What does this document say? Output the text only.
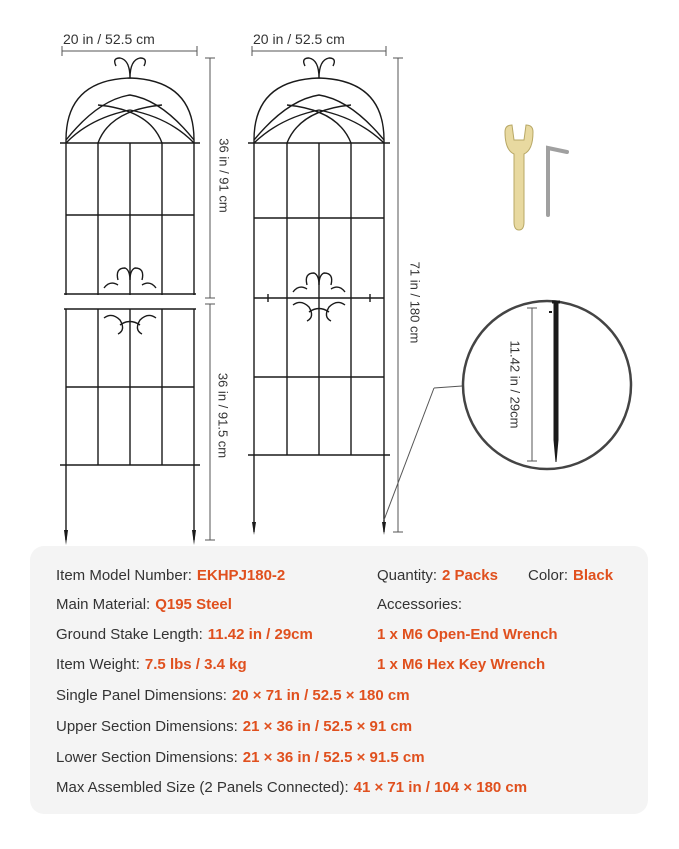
20 in / 52.5 cm	20 in / 52.5 cm
36 in / 91 cm
36 in / 91.5 cm
71 in / 180 cm
11.42 in / 29cm
Item Model Number: EKHPJ180-2	Quantity: 2 Packs Color: Black
Main Material: Q195 Steel	Accessories:
Ground Stake Length: 11.42 in / 29cm	1 x M6 Open-End Wrench
Item Weight: 7.5 lbs / 3.4 kg	1 x M6 Hex Key Wrench
Single Panel Dimensions: 20 × 71 in / 52.5 × 180 cm
Upper Section Dimensions: 21 × 36 in / 52.5 × 91 cm
Lower Section Dimensions: 21 × 36 in / 52.5 × 91.5 cm
Max Assembled Size (2 Panels Connected): 41 × 71 in / 104 × 180 cm
